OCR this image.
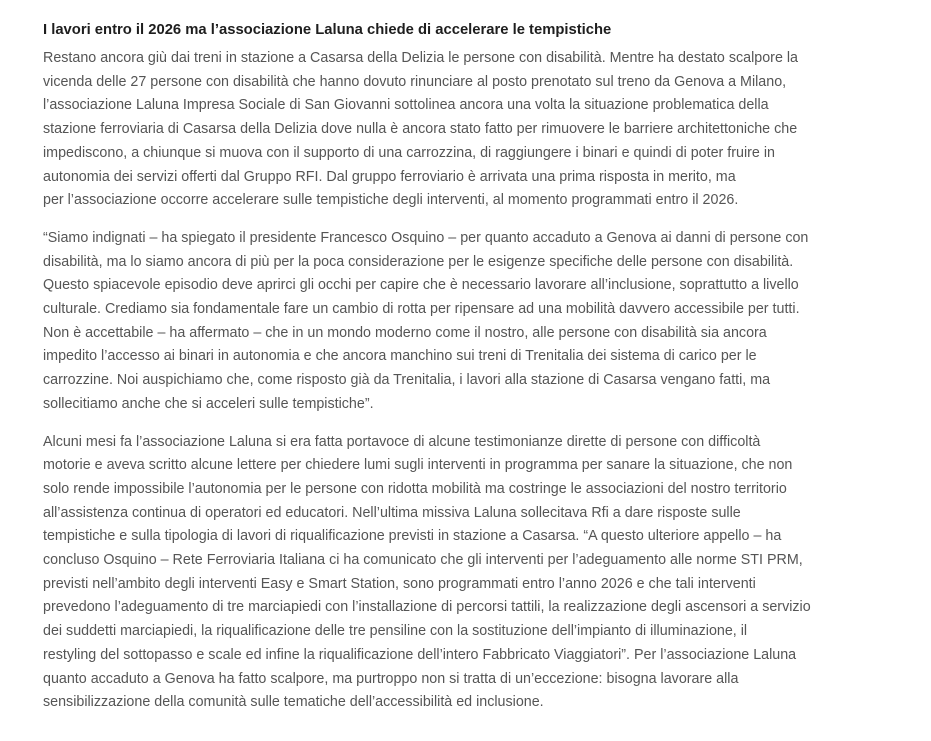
I lavori entro il 2026 ma l’associazione Laluna chiede di accelerare le tempistiche
Restano ancora giù dai treni in stazione a Casarsa della Delizia le persone con disabilità. Mentre ha destato scalpore la
vicenda delle 27 persone con disabilità che hanno dovuto rinunciare al posto prenotato sul treno da Genova a Milano,
l’associazione Laluna Impresa Sociale di San Giovanni sottolinea ancora una volta la situazione problematica della
stazione ferroviaria di Casarsa della Delizia dove nulla è ancora stato fatto per rimuovere le barriere architettoniche che
impediscono, a chiunque si muova con il supporto di una carrozzina, di raggiungere i binari e quindi di poter fruire in
autonomia dei servizi offerti dal Gruppo RFI. Dal gruppo ferroviario è arrivata una prima risposta in merito, ma
per l’associazione occorre accelerare sulle tempistiche degli interventi, al momento programmati entro il 2026.
“Siamo indignati – ha spiegato il presidente Francesco Osquino – per quanto accaduto a Genova ai danni di persone con
disabilità, ma lo siamo ancora di più per la poca considerazione per le esigenze specifiche delle persone con disabilità.
Questo spiacevole episodio deve aprirci gli occhi per capire che è necessario lavorare all’inclusione, soprattutto a livello
culturale. Crediamo sia fondamentale fare un cambio di rotta per ripensare ad una mobilità davvero accessibile per tutti.
Non è accettabile – ha affermato – che in un mondo moderno come il nostro, alle persone con disabilità sia ancora
impedito l’accesso ai binari in autonomia e che ancora manchino sui treni di Trenitalia dei sistema di carico per le
carrozzine. Noi auspichiamo che, come risposto già da Trenitalia, i lavori alla stazione di Casarsa vengano fatti, ma
sollecitiamo anche che si acceleri sulle tempistiche”.
Alcuni mesi fa l’associazione Laluna si era fatta portavoce di alcune testimonianze dirette di persone con difficoltà
motorie e aveva scritto alcune lettere per chiedere lumi sugli interventi in programma per sanare la situazione, che non
solo rende impossibile l’autonomia per le persone con ridotta mobilità ma costringe le associazioni del nostro territorio
all’assistenza continua di operatori ed educatori. Nell’ultima missiva Laluna sollecitava Rfi a dare risposte sulle
tempistiche e sulla tipologia di lavori di riqualificazione previsti in stazione a Casarsa. “A questo ulteriore appello – ha
concluso Osquino – Rete Ferroviaria Italiana ci ha comunicato che gli interventi per l’adeguamento alle norme STI PRM,
previsti nell’ambito degli interventi Easy e Smart Station, sono programmati entro l’anno 2026 e che tali interventi
prevedono l’adeguamento di tre marciapiedi con l’installazione di percorsi tattili, la realizzazione degli ascensori a servizio
dei suddetti marciapiedi, la riqualificazione delle tre pensiline con la sostituzione dell’impianto di illuminazione, il
restyling del sottopasso e scale ed infine la riqualificazione dell’intero Fabbricato Viaggiatori”. Per l’associazione Laluna
quanto accaduto a Genova ha fatto scalpore, ma purtroppo non si tratta di un’eccezione: bisogna lavorare alla
sensibilizzazione della comunità sulle tematiche dell’accessibilità ed inclusione.
